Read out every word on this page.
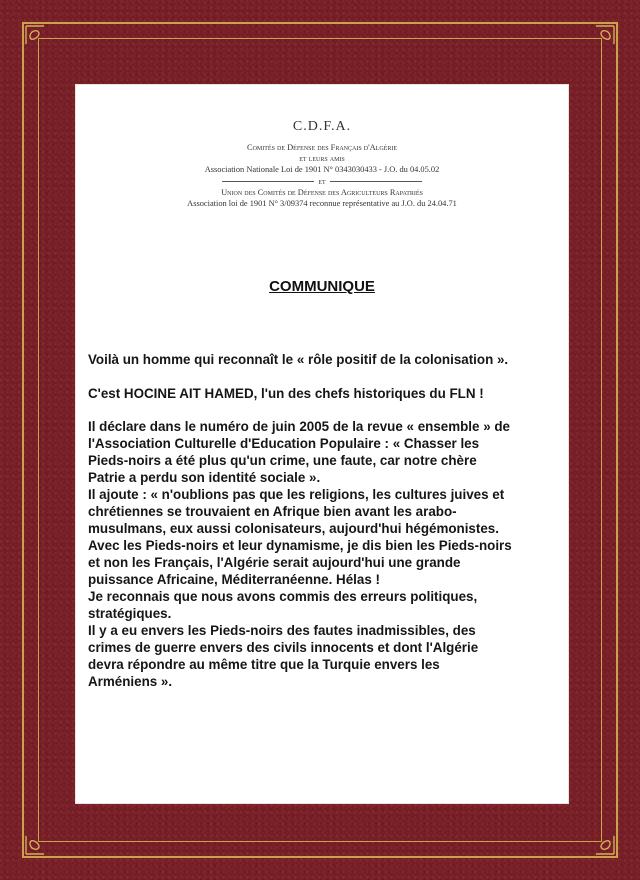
C.D.F.A.
Comités de Défense des Français d'Algérie
et leurs amis
Association Nationale Loi de 1901 N° 0343030433 - J.O. du 04.05.02
et
Union des Comités de Défense des Agriculteurs Rapatriés
Association loi de 1901 N° 3/09374 reconnue représentative au J.O. du 24.04.71
COMMUNIQUE

Voilà un homme qui reconnaît le « rôle positif de la colonisation ».

C'est HOCINE AIT HAMED, l'un des chefs historiques du FLN !

Il déclare dans le numéro de juin 2005 de la revue « ensemble » de

l'Association Culturelle d'Education Populaire : « Chasser les

Pieds-noirs a été plus qu'un crime, une faute, car notre chère

Patrie a perdu son identité sociale ».

Il ajoute : « n'oublions pas que les religions, les cultures juives et

chrétiennes se trouvaient en Afrique bien avant les arabo-

musulmans, eux aussi colonisateurs, aujourd'hui hégémonistes.

Avec les Pieds-noirs et leur dynamisme, je dis bien les Pieds-noirs

et non les Français, l'Algérie serait aujourd'hui une grande

puissance Africaine, Méditerranéenne. Hélas !

Je reconnais que nous avons commis des erreurs politiques,

stratégiques.

Il y a eu envers les Pieds-noirs des fautes inadmissibles, des

crimes de guerre envers des civils innocents et dont l'Algérie

devra répondre au même titre que la Turquie envers les

Arméniens ».
